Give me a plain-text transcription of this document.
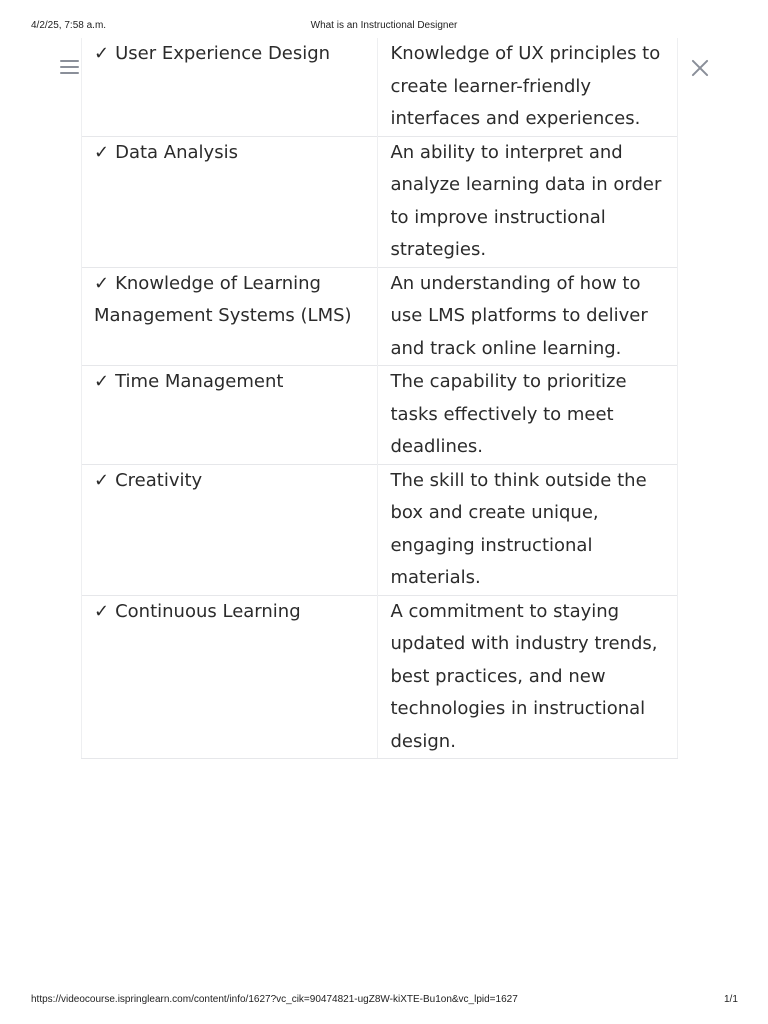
4/2/25, 7:58 a.m.	What is an Instructional Designer
✓ User Experience Design	Knowledge of UX principles to create learner-friendly interfaces and experiences.
✓ Data Analysis	An ability to interpret and analyze learning data in order to improve instructional strategies.
✓ Knowledge of Learning Management Systems (LMS)	An understanding of how to use LMS platforms to deliver and track online learning.
✓ Time Management	The capability to prioritize tasks effectively to meet deadlines.
✓ Creativity	The skill to think outside the box and create unique, engaging instructional materials.
✓ Continuous Learning	A commitment to staying updated with industry trends, best practices, and new technologies in instructional design.
https://videocourse.ispringlearn.com/content/info/1627?vc_cik=90474821-ugZ8W-kiXTE-Bu1on&vc_lpid=1627	1/1
